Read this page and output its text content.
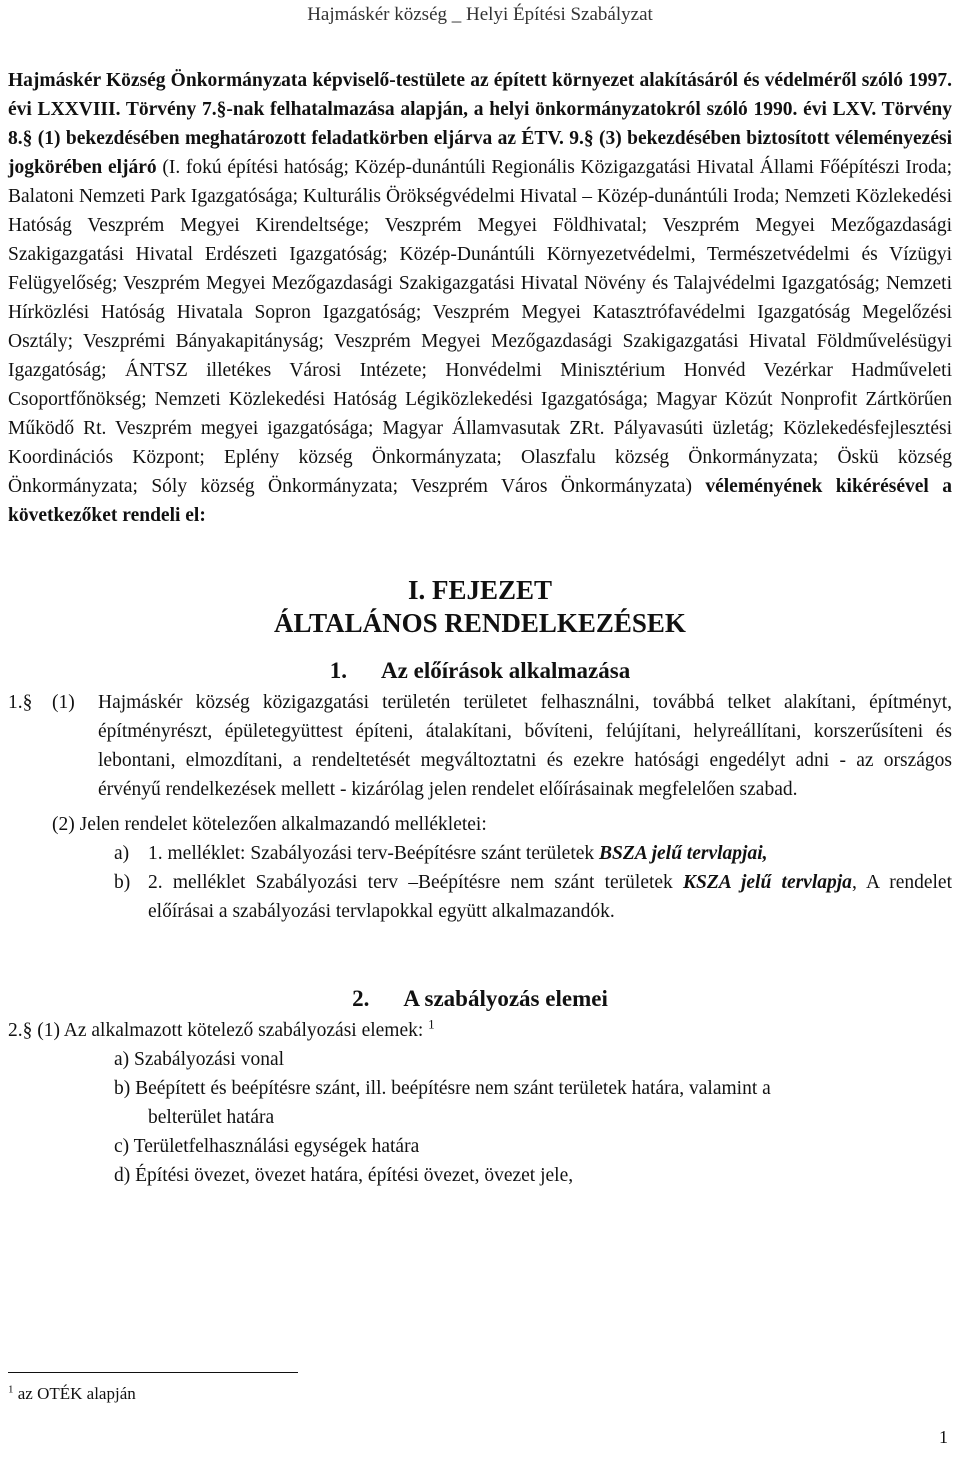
Hajmáskér község _ Helyi Építési Szabályzat

Hajmáskér Község Önkormányzata képviselő-testülete az épített környezet alakításáról és védelméről szóló 1997. évi LXXVIII. Törvény 7.§-nak felhatalmazása alapján, a helyi önkormányzatokról szóló 1990. évi LXV. Törvény 8.§ (1) bekezdésében meghatározott feladatkörben eljárva az ÉTV. 9.§ (3) bekezdésében biztosított véleményezési jogkörében eljáró (I. fokú építési hatóság; Közép-dunántúli Regionális Közigazgatási Hivatal Állami Főépítészi Iroda; Balatoni Nemzeti Park Igazgatósága; Kulturális Örökségvédelmi Hivatal – Közép-dunántúli Iroda; Nemzeti Közlekedési Hatóság Veszprém Megyei Kirendeltsége; Veszprém Megyei Földhivatal; Veszprém Megyei Mezőgazdasági Szakigazgatási Hivatal Erdészeti Igazgatóság; Közép-Dunántúli Környezetvédelmi, Természetvédelmi és Vízügyi Felügyelőség; Veszprém Megyei Mezőgazdasági Szakigazgatási Hivatal Növény és Talajvédelmi Igazgatóság; Nemzeti Hírközlési Hatóság Hivatala Sopron Igazgatóság; Veszprém Megyei Katasztrófavédelmi Igazgatóság Megelőzési Osztály; Veszprémi Bányakapitányság; Veszprém Megyei Mezőgazdasági Szakigazgatási Hivatal Földművelésügyi Igazgatóság; ÁNTSZ illetékes Városi Intézete; Honvédelmi Minisztérium Honvéd Vezérkar Hadműveleti Csoportfőnökség; Nemzeti Közlekedési Hatóság Légiközlekedési Igazgatósága; Magyar Közút Nonprofit Zártkörűen Működő Rt. Veszprém megyei igazgatósága; Magyar Államvasutak ZRt. Pályavasúti üzletág; Közlekedésfejlesztési Koordinációs Központ; Eplény község Önkormányzata; Olaszfalu község Önkormányzata; Öskü község Önkormányzata; Sóly község Önkormányzata; Veszprém Város Önkormányzata) véleményének kikérésével a következőket rendeli el:

I. FEJEZET
ÁLTALÁNOS RENDELKEZÉSEK
1. Az előírások alkalmazása
1.§ (1) Hajmáskér község közigazgatási területén területet felhasználni, továbbá telket alakítani, építményt, építményrészt, épületegyüttest építeni, átalakítani, bővíteni, felújítani, helyreállítani, korszerűsíteni és lebontani, elmozdítani, a rendeltetését megváltoztatni és ezekre hatósági engedélyt adni - az országos érvényű rendelkezések mellett - kizárólag jelen rendelet előírásainak megfelelően szabad.
(2) Jelen rendelet kötelezően alkalmazandó mellékletei:
a) 1. melléklet: Szabályozási terv-Beépítésre szánt területek BSZA jelű tervlapjai,
b) 2. melléklet Szabályozási terv –Beépítésre nem szánt területek KSZA jelű tervlapja, A rendelet előírásai a szabályozási tervlapokkal együtt alkalmazandók.
2. A szabályozás elemei
2.§ (1) Az alkalmazott kötelező szabályozási elemek: $^1$
a) Szabályozási vonal
b) Beépített és beépítésre szánt, ill. beépítésre nem szánt területek határa, valamint a
belterület határa
c) Területfelhasználási egységek határa
d) Építési övezet, övezet határa, építési övezet, övezet jele,
$^1$ az OTÉK alapján
1
